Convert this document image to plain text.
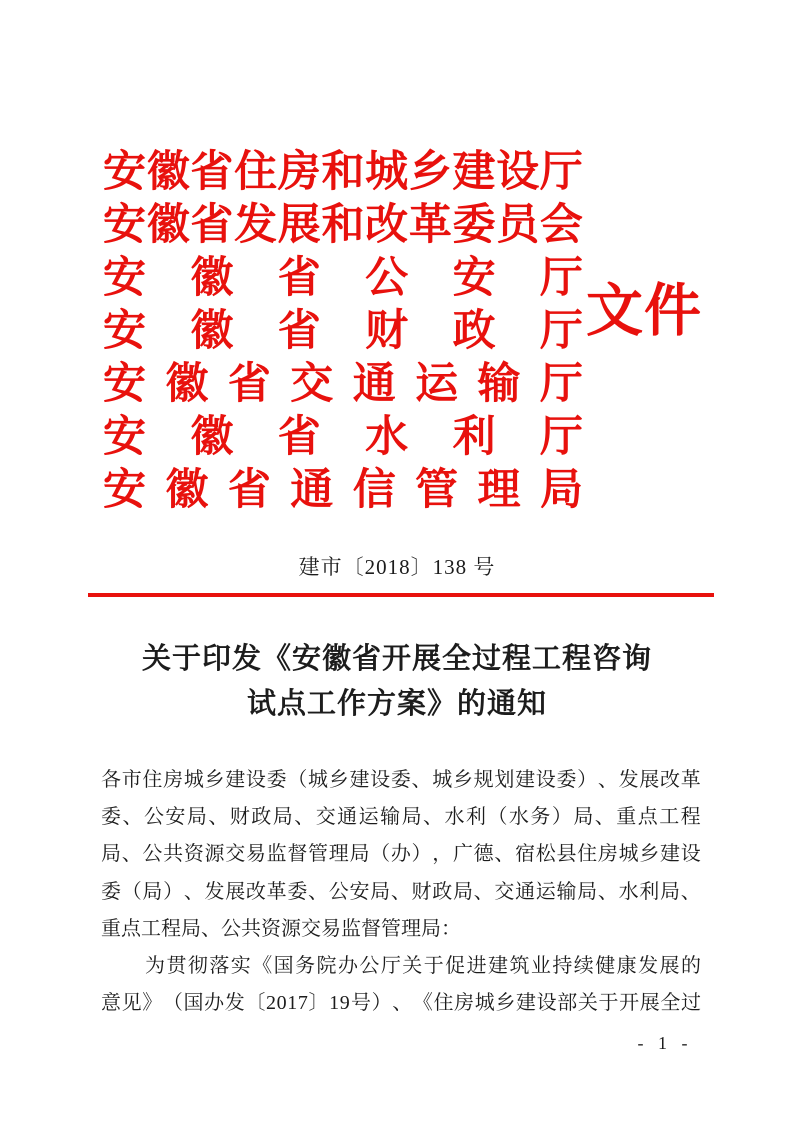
安 徽 省 住 房 和 城 乡 建 设 厅
安 徽 省 发 展 和 改 革 委 员 会
安 徽 省 公 安 厅
安 徽 省 财 政 厅
安 徽 省 交 通 运 输 厅
安 徽 省 水 利 厅
安 徽 省 通 信 管 理 局
文件
建市〔2018〕138 号
关于印发《安徽省开展全过程工程咨询
试点工作方案》的通知
各 市 住 房 城 乡 建 设 委 （ 城 乡 建 设 委 、 城 乡 规 划 建 设 委 ） 、 发 展 改 革
委 、 公 安 局 、 财 政 局 、 交 通 运 输 局 、 水 利 （ 水 务 ） 局 、 重 点 工 程
局 、 公 共 资 源 交 易 监 督 管 理 局 （ 办 ） ， 广 德 、 宿 松 县 住 房 城 乡 建 设
委 （ 局 ） 、 发 展 改 革 委 、 公 安 局 、 财 政 局 、 交 通 运 输 局 、 水 利 局 、
重点工程局、公共资源交易监督管理局：
为 贯 彻 落 实 《 国 务 院 办 公 厅 关 于 促 进 建 筑 业 持 续 健 康 发 展 的
意 见 》 （ 国 办 发 〔 2 0 1 7 〕 1 9 号 ） 、 《 住 房 城 乡 建 设 部 关 于 开 展 全 过
- 1 -
